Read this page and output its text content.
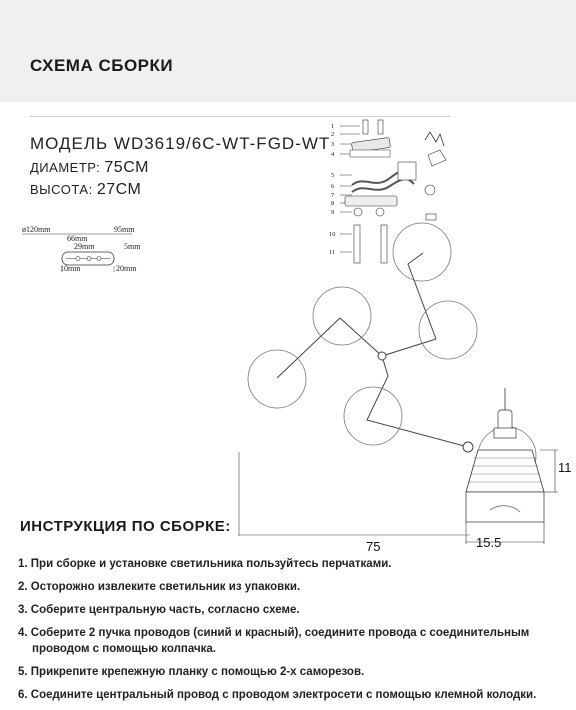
СХЕМА СБОРКИ
МОДЕЛЬ WD3619/6C-WT-FGD-WT
ДИАМЕТР: 75СМ
ВЫСОТА: 27СМ
ø120mm	95mm
66mm
29mm	5mm
10mm	20mm
1
2
3
4
5
6
7
8
9
10
11
75	15.5
11
ИНСТРУКЦИЯ ПО СБОРКЕ:
1. При сборке и установке светильника пользуйтесь перчатками.
2. Осторожно извлеките светильник из упаковки.
3. Соберите центральную часть, согласно схеме.
4. Соберите 2 пучка проводов (синий и красный), соедините провода с соединительным
проводом с помощью колпачка.
5. Прикрепите крепежную планку с помощью 2-х саморезов.
6. Соедините центральный провод с проводом электросети с помощью клемной колодки.
